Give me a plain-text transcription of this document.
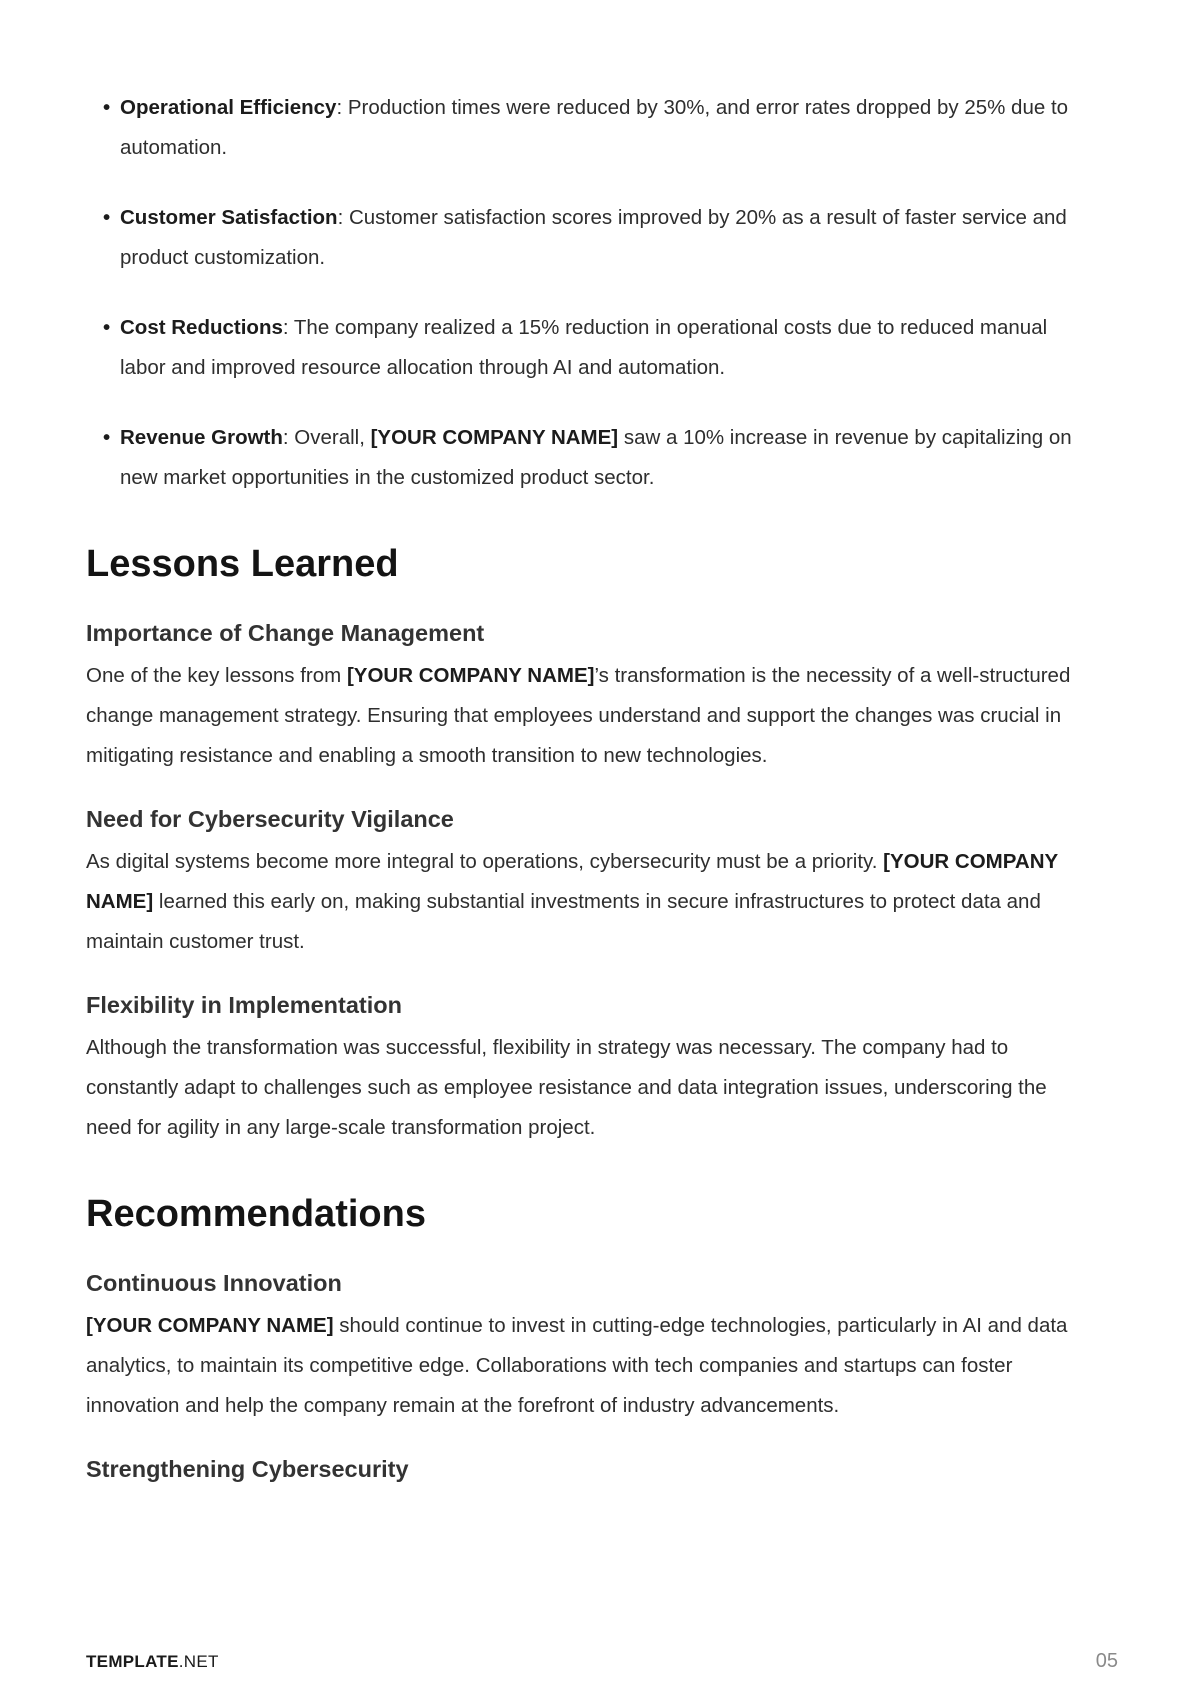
• Operational Efficiency: Production times were reduced by 30%, and error rates dropped by 25% due to automation.
• Customer Satisfaction: Customer satisfaction scores improved by 20% as a result of faster service and product customization.
• Cost Reductions: The company realized a 15% reduction in operational costs due to reduced manual labor and improved resource allocation through AI and automation.
• Revenue Growth: Overall, [YOUR COMPANY NAME] saw a 10% increase in revenue by capitalizing on new market opportunities in the customized product sector.
Lessons Learned
Importance of Change Management

One of the key lessons from [YOUR COMPANY NAME]’s transformation is the necessity of a well-structured change management strategy. Ensuring that employees understand and support the changes was crucial in mitigating resistance and enabling a smooth transition to new technologies.

Need for Cybersecurity Vigilance

As digital systems become more integral to operations, cybersecurity must be a priority. [YOUR COMPANY NAME] learned this early on, making substantial investments in secure infrastructures to protect data and maintain customer trust.

Flexibility in Implementation

Although the transformation was successful, flexibility in strategy was necessary. The company had to constantly adapt to challenges such as employee resistance and data integration issues, underscoring the need for agility in any large-scale transformation project.

Recommendations
Continuous Innovation

[YOUR COMPANY NAME] should continue to invest in cutting-edge technologies, particularly in AI and data analytics, to maintain its competitive edge. Collaborations with tech companies and startups can foster innovation and help the company remain at the forefront of industry advancements.

Strengthening Cybersecurity
TEMPLATE.NET	05
